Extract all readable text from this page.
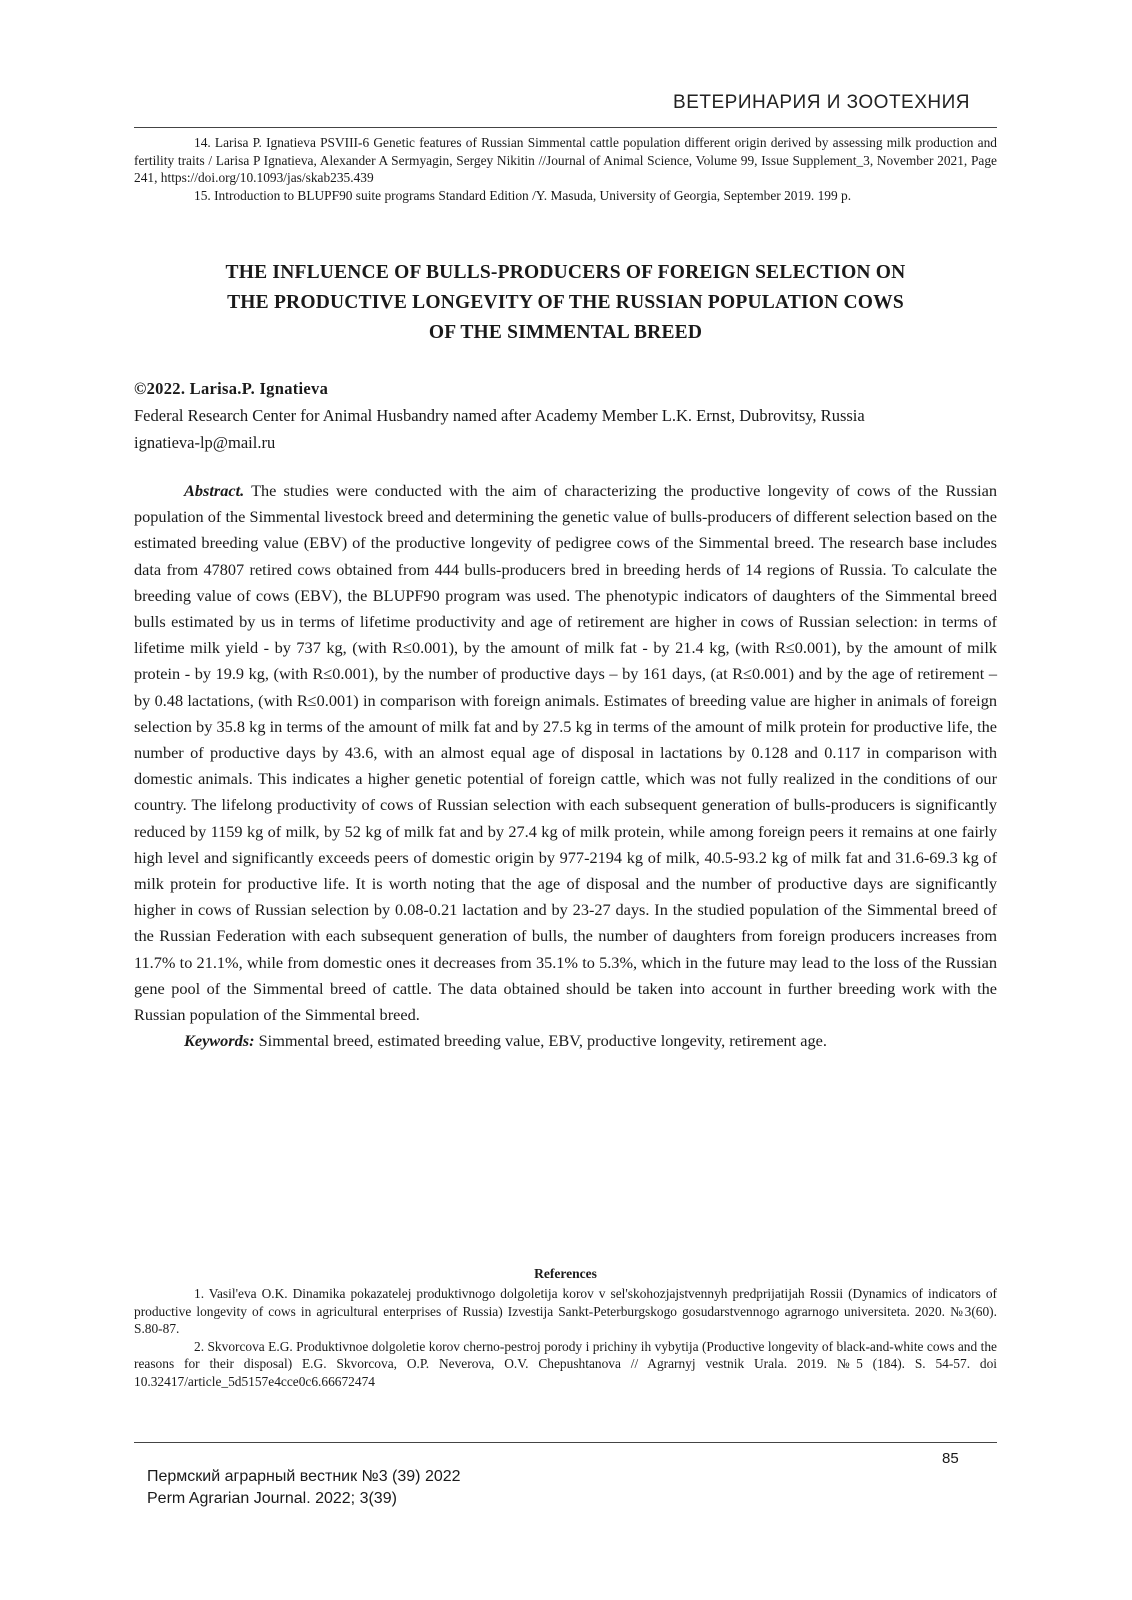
ВЕТЕРИНАРИЯ И ЗООТЕХНИЯ

14. Larisa P. Ignatieva PSVIII-6 Genetic features of Russian Simmental cattle population different origin derived by assessing milk production and fertility traits / Larisa P Ignatieva, Alexander A Sermyagin, Sergey Nikitin //Journal of Animal Science, Volume 99, Issue Supplement_3, November 2021, Page 241, https://doi.org/10.1093/jas/skab235.439

15. Introduction to BLUPF90 suite programs Standard Edition /Y. Masuda, University of Georgia, September 2019. 199 p.

THE INFLUENCE OF BULLS-PRODUCERS OF FOREIGN SELECTION ON
THE PRODUCTIVE LONGEVITY OF THE RUSSIAN POPULATION COWS
OF THE SIMMENTAL BREED
©2022. Larisa.P. Ignatieva
Federal Research Center for Animal Husbandry named after Academy Member L.K. Ernst, Dubrovitsy, Russia
ignatieva-lp@mail.ru

Abstract. The studies were conducted with the aim of characterizing the productive longevity of cows of the Russian population of the Simmental livestock breed and determining the genetic value of bulls-producers of different selection based on the estimated breeding value (EBV) of the productive longevity of pedigree cows of the Simmental breed. The research base includes data from 47807 retired cows obtained from 444 bulls-producers bred in breeding herds of 14 regions of Russia. To calculate the breeding value of cows (EBV), the BLUPF90 program was used. The phenotypic indicators of daughters of the Simmental breed bulls estimated by us in terms of lifetime productivity and age of retirement are higher in cows of Russian selection: in terms of lifetime milk yield - by 737 kg, (with R≤0.001), by the amount of milk fat - by 21.4 kg, (with R≤0.001), by the amount of milk protein - by 19.9 kg, (with R≤0.001), by the number of productive days – by 161 days, (at R≤0.001) and by the age of retirement – by 0.48 lactations, (with R≤0.001) in comparison with foreign animals. Estimates of breeding value are higher in animals of foreign selection by 35.8 kg in terms of the amount of milk fat and by 27.5 kg in terms of the amount of milk protein for productive life, the number of productive days by 43.6, with an almost equal age of disposal in lactations by 0.128 and 0.117 in comparison with domestic animals. This indicates a higher genetic potential of foreign cattle, which was not fully realized in the conditions of our country. The lifelong productivity of cows of Russian selection with each subsequent generation of bulls-producers is significantly reduced by 1159 kg of milk, by 52 kg of milk fat and by 27.4 kg of milk protein, while among foreign peers it remains at one fairly high level and significantly exceeds peers of domestic origin by 977-2194 kg of milk, 40.5-93.2 kg of milk fat and 31.6-69.3 kg of milk protein for productive life. It is worth noting that the age of disposal and the number of productive days are significantly higher in cows of Russian selection by 0.08-0.21 lactation and by 23-27 days. In the studied population of the Simmental breed of the Russian Federation with each subsequent generation of bulls, the number of daughters from foreign producers increases from 11.7% to 21.1%, while from domestic ones it decreases from 35.1% to 5.3%, which in the future may lead to the loss of the Russian gene pool of the Simmental breed of cattle. The data obtained should be taken into account in further breeding work with the Russian population of the Simmental breed.

Keywords: Simmental breed, estimated breeding value, EBV, productive longevity, retirement age.

References

1. Vasil'eva O.K. Dinamika pokazatelej produktivnogo dolgoletija korov v sel'skohozjajstvennyh predprijatijah Rossii (Dynamics of indicators of productive longevity of cows in agricultural enterprises of Russia) Izvestija Sankt-Peterburgskogo gosudarstvennogo agrarnogo universiteta. 2020. №3(60). S.80-87.

2. Skvorcova E.G. Produktivnoe dolgoletie korov cherno-pestroj porody i prichiny ih vybytija (Productive longevity of black-and-white cows and the reasons for their disposal) E.G. Skvorcova, O.P. Neverova, O.V. Chepushtanova // Agrarnyj vestnik Urala. 2019. №5 (184). S. 54-57. doi 10.32417/article_5d5157e4cce0c6.66672474

85
Пермский аграрный вестник №3 (39) 2022
Perm Agrarian Journal. 2022; 3(39)
